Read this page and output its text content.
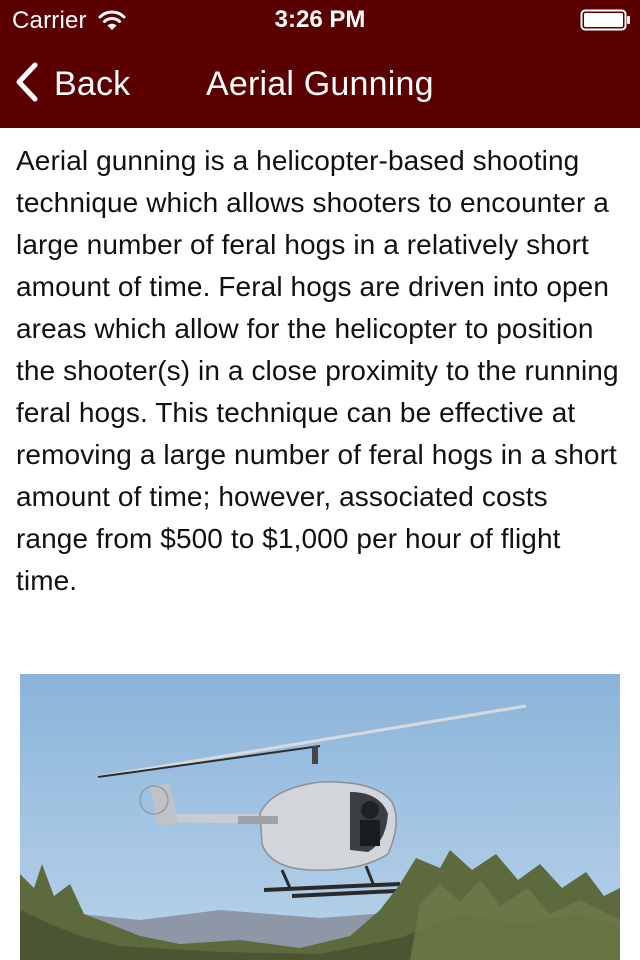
Carrier	3:26 PM
Back Aerial Gunning

Aerial gunning is a helicopter-based shooting technique which allows shooters to encounter a large number of feral hogs in a relatively short amount of time. Feral hogs are driven into open areas which allow for the helicopter to position the shooter(s) in a close proximity to the running feral hogs. This technique can be effective at removing a large number of feral hogs in a short amount of time; however, associated costs range from $500 to $1,000 per hour of flight time.
